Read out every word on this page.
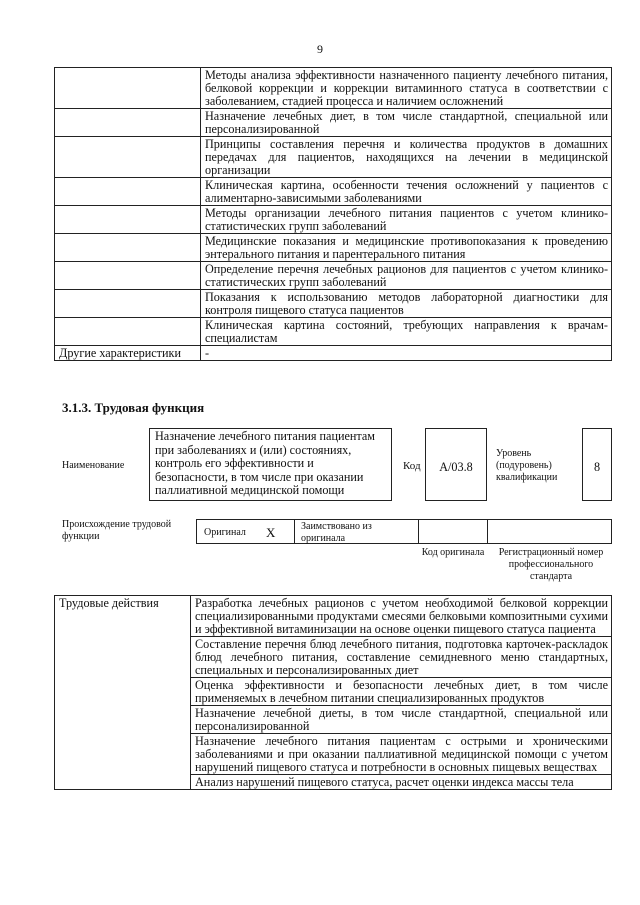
9
	Методы анализа эффективности назначенного пациенту лечебного питания, белковой коррекции и коррекции витаминного статуса в соответствии с заболеванием, стадией процесса и наличием осложнений
	Назначение лечебных диет, в том числе стандартной, специальной или персонализированной
	Принципы составления перечня и количества продуктов в домашних передачах для пациентов, находящихся на лечении в медицинской организации
	Клиническая картина, особенности течения осложнений у пациентов с алиментарно-зависимыми заболеваниями
	Методы организации лечебного питания пациентов с учетом клинико-статистических групп заболеваний
	Медицинские показания и медицинские противопоказания к проведению энтерального питания и парентерального питания
	Определение перечня лечебных рационов для пациентов с учетом клинико-статистических групп заболеваний
	Показания к использованию методов лабораторной диагностики для контроля пищевого статуса пациентов
	Клиническая картина состояний, требующих направления к врачам-специалистам
Другие характеристики	-
3.1.3. Трудовая функция
Наименование
Назначение лечебного питания пациентам при заболеваниях и (или) состояниях, контроль его эффективности и безопасности, в том числе при оказании паллиативной медицинской помощи
Код	А/03.8
Уровень (подуровень) квалификации
8
Происхождение трудовой функции	Оригинал X	Заимствовано из оригинала
Код оригинала	Регистрационный номер профессионального стандарта
Трудовые действия	Разработка лечебных рационов с учетом необходимой белковой коррекции специализированными продуктами смесями белковыми композитными сухими и эффективной витаминизации на основе оценки пищевого статуса пациента
Составление перечня блюд лечебного питания, подготовка карточек-раскладок блюд лечебного питания, составление семидневного меню стандартных, специальных и персонализированных диет
Оценка эффективности и безопасности лечебных диет, в том числе применяемых в лечебном питании специализированных продуктов
Назначение лечебной диеты, в том числе стандартной, специальной или персонализированной
Назначение лечебного питания пациентам с острыми и хроническими заболеваниями и при оказании паллиативной медицинской помощи с учетом нарушений пищевого статуса и потребности в основных пищевых веществах
Анализ нарушений пищевого статуса, расчет оценки индекса массы тела
